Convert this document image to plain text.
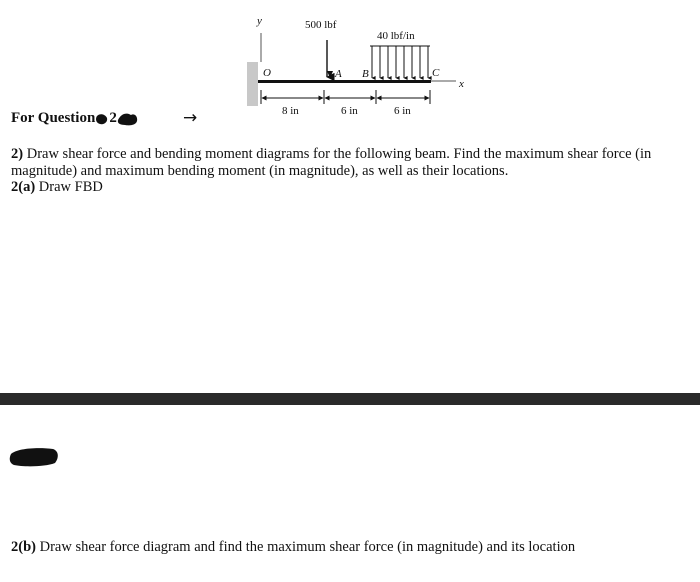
y
x
O	A B	C
500 lbf
40 lbf/in
8 in	6 in	6 in
For Question 2	→

2) Draw shear force and bending moment diagrams for the following beam. Find the maximum shear force (in magnitude) and maximum bending moment (in magnitude), as well as their locations.

2(a) Draw FBD

2(b) Draw shear force diagram and find the maximum shear force (in magnitude) and its location
